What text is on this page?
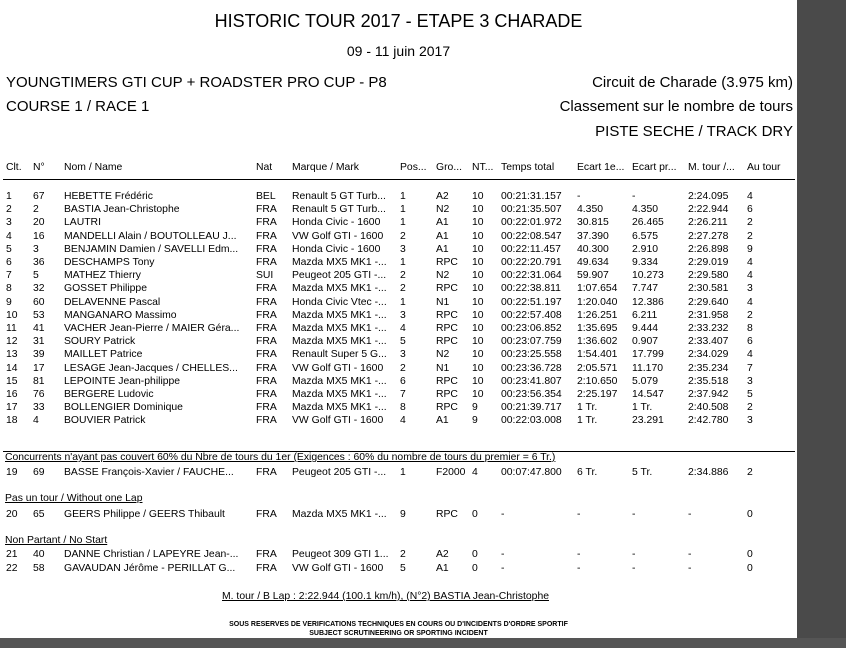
HISTORIC TOUR 2017 - ETAPE 3 CHARADE
09 - 11 juin 2017
YOUNGTIMERS GTI CUP + ROADSTER PRO CUP - P8	Circuit de Charade (3.975 km)
COURSE 1 / RACE 1	Classement sur le nombre de tours
PISTE SECHE / TRACK DRY
Clt.	N°	Nom / Name	Nat	Marque / Mark	Pos... Gro... NT... Temps total	Ecart 1e... Ecart pr...	M. tour /...	Au tour
1	67	HEBETTE Frédéric	BEL	Renault 5 GT Turb...	1	A2	10	00:21:31.157	-	-	2:24.095	4
2	2	BASTIA Jean-Christophe	FRA	Renault 5 GT Turb...	1	N2	10	00:21:35.507	4.350	4.350	2:22.944	6
3	20	LAUTRI	FRA	Honda Civic - 1600	1	A1	10	00:22:01.972	30.815	26.465	2:26.211	2
4	16	MANDELLI Alain / BOUTOLLEAU J...	FRA	VW Golf GTI - 1600	2	A1	10	00:22:08.547	37.390	6.575	2:27.278	2
5	3	BENJAMIN Damien / SAVELLI Edm...	FRA	Honda Civic - 1600	3	A1	10	00:22:11.457	40.300	2.910	2:26.898	9
6	36	DESCHAMPS Tony	FRA	Mazda MX5 MK1 -...	1	RPC	10	00:22:20.791	49.634	9.334	2:29.019	4
7	5	MATHEZ Thierry	SUI	Peugeot 205 GTI -...	2	N2	10	00:22:31.064	59.907	10.273	2:29.580	4
8	32	GOSSET Philippe	FRA	Mazda MX5 MK1 -...	2	RPC	10	00:22:38.811	1:07.654	7.747	2:30.581	3
9	60	DELAVENNE Pascal	FRA	Honda Civic Vtec -...	1	N1	10	00:22:51.197	1:20.040	12.386	2:29.640	4
10	53	MANGANARO Massimo	FRA	Mazda MX5 MK1 -...	3	RPC	10	00:22:57.408	1:26.251	6.211	2:31.958	2
11	41	VACHER Jean-Pierre / MAIER Géra...	FRA	Mazda MX5 MK1 -...	4	RPC	10	00:23:06.852	1:35.695	9.444	2:33.232	8
12	31	SOURY Patrick	FRA	Mazda MX5 MK1 -...	5	RPC	10	00:23:07.759	1:36.602	0.907	2:33.407	6
13	39	MAILLET Patrice	FRA	Renault Super 5 G...	3	N2	10	00:23:25.558	1:54.401	17.799	2:34.029	4
14	17	LESAGE Jean-Jacques / CHELLES...	FRA	VW Golf GTI - 1600	2	N1	10	00:23:36.728	2:05.571	11.170	2:35.234	7
15	81	LEPOINTE Jean-philippe	FRA	Mazda MX5 MK1 -...	6	RPC	10	00:23:41.807	2:10.650	5.079	2:35.518	3
16	76	BERGERE Ludovic	FRA	Mazda MX5 MK1 -...	7	RPC	10	00:23:56.354	2:25.197	14.547	2:37.942	5
17	33	BOLLENGIER Dominique	FRA	Mazda MX5 MK1 -...	8	RPC	9	00:21:39.717	1 Tr.	1 Tr.	2:40.508	2
18	4	BOUVIER Patrick	FRA	VW Golf GTI - 1600	4	A1	9	00:22:03.008	1 Tr.	23.291	2:42.780	3
Concurrents n'ayant pas couvert 60% du Nbre de tours du 1er (Exigences : 60% du nombre de tours du premier = 6 Tr.)
19	69	BASSE François-Xavier / FAUCHE...	FRA	Peugeot 205 GTI -...	1	F2000 4	00:07:47.800	6 Tr.	5 Tr.	2:34.886	2
Pas un tour / Without one Lap
20	65	GEERS Philippe / GEERS Thibault	FRA	Mazda MX5 MK1 -...	9	RPC	0	-	-	-	-	0
Non Partant / No Start
21	40	DANNE Christian / LAPEYRE Jean-...	FRA	Peugeot 309 GTI 1...	2	A2	0	-	-	-	-	0
22	58	GAVAUDAN Jérôme - PERILLAT G...	FRA	VW Golf GTI - 1600	5	A1	0	-	-	-	-	0
M. tour / B Lap : 2:22.944 (100.1 km/h), (N°2) BASTIA Jean-Christophe
SOUS RESERVES DE VERIFICATIONS TECHNIQUES EN COURS OU D'INCIDENTS D'ORDRE SPORTIF
SUBJECT SCRUTINEERING OR SPORTING INCIDENT
